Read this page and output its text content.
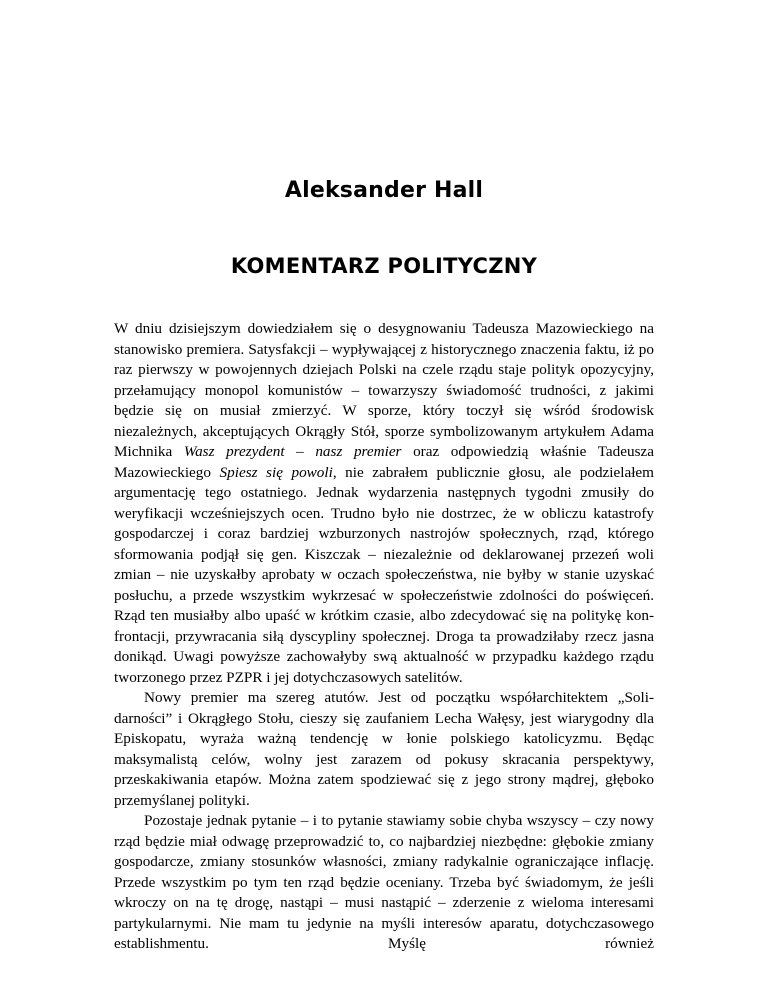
Aleksander Hall
KOMENTARZ POLITYCZNY

W dniu dzisiejszym dowiedziałem się o desygnowaniu Tadeusza Mazowieckiego na stanowisko premiera. Satysfakcji – wypływającej z historycznego znaczenia faktu, iż po raz pierwszy w powojennych dziejach Polski na czele rządu staje polityk opozycyjny, przełamujący monopol komunistów – towarzyszy świadomość trudności, z jakimi będzie się on musiał zmierzyć. W sporze, który toczył się wśród środowisk niezależnych, akceptujących Okrągły Stół, sporze symbolizowanym artykułem Adama Michnika Wasz prezydent – nasz premier oraz odpowiedzią właśnie Tadeusza Mazowieckiego Spiesz się powoli, nie zabrałem publicznie głosu, ale podzielałem argumentację tego ostatniego. Jednak wydarzenia następnych tygodni zmusiły do weryfikacji wcześniejszych ocen. Trudno było nie dostrzec, że w obliczu katastrofy gospodarczej i coraz bardziej wzburzonych nastrojów społecznych, rząd, którego sformowania podjął się gen. Kiszczak – niezależnie od deklarowanej przezeń woli zmian – nie uzyskałby aprobaty w oczach społeczeństwa, nie byłby w stanie uzyskać posłuchu, a przede wszystkim wykrzesać w społeczeństwie zdolności do poświęceń. Rząd ten musiałby albo upaść w krótkim czasie, albo zdecydować się na politykę konfrontacji, przywracania siłą dyscypliny społecznej. Droga ta prowadziłaby rzecz jasna donikąd. Uwagi powyższe zachowałyby swą aktualność w przypadku każdego rządu tworzonego przez PZPR i jej dotychczasowych satelitów.

Nowy premier ma szereg atutów. Jest od początku współarchitektem „Solidarności” i Okrągłego Stołu, cieszy się zaufaniem Lecha Wałęsy, jest wiarygodny dla Episkopatu, wyraża ważną tendencję w łonie polskiego katolicyzmu. Będąc maksymalistą celów, wolny jest zarazem od pokusy skracania perspektywy, przeskakiwania etapów. Można zatem spodziewać się z jego strony mądrej, głęboko przemyślanej polityki.

Pozostaje jednak pytanie – i to pytanie stawiamy sobie chyba wszyscy – czy nowy rząd będzie miał odwagę przeprowadzić to, co najbardziej niezbędne: głębokie zmiany gospodarcze, zmiany stosunków własności, zmiany radykalnie ograniczające inflację. Przede wszystkim po tym ten rząd będzie oceniany. Trzeba być świadomym, że jeśli wkroczy on na tę drogę, nastąpi – musi nastąpić – zderzenie z wieloma interesami partykularnymi. Nie mam tu jedynie na myśli interesów aparatu, dotychczasowego establishmentu. Myślę również
